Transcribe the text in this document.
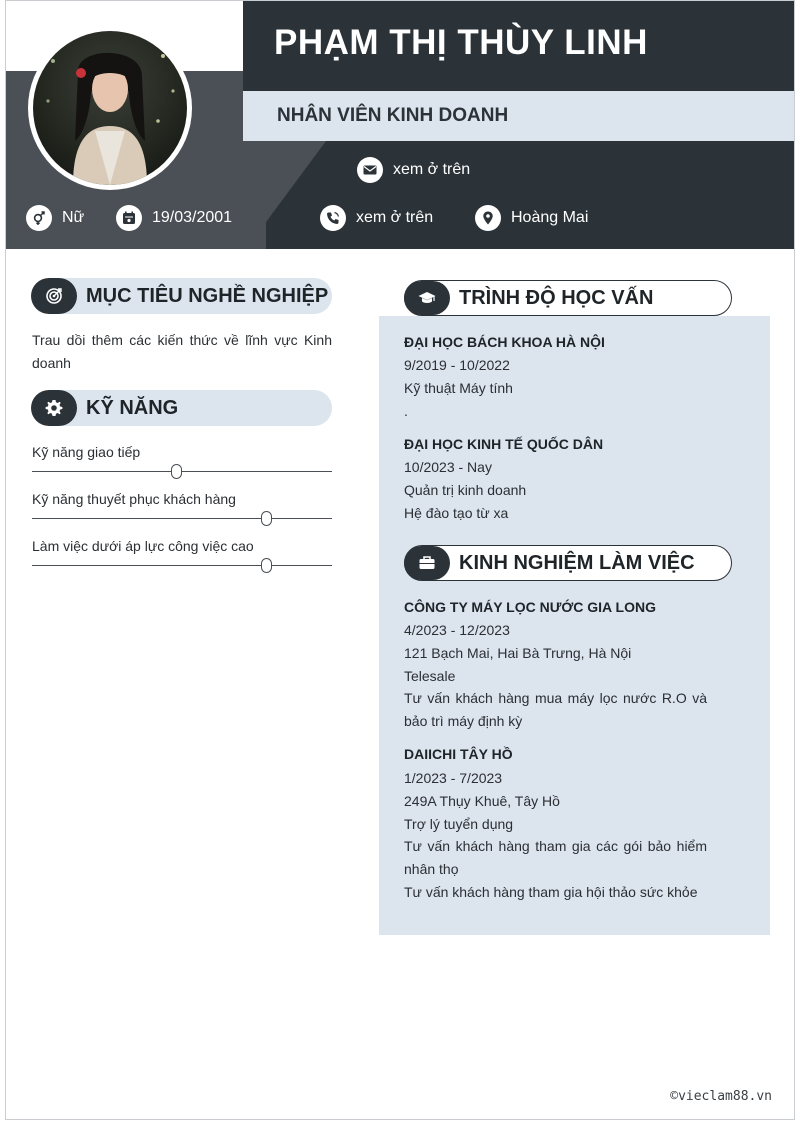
PHẠM THỊ THÙY LINH
NHÂN VIÊN KINH DOANH
xem ở trên
Nữ	19/03/2001	xem ở trên	Hoàng Mai
MỤC TIÊU NGHỀ NGHIỆP
Trau dồi thêm các kiến thức về lĩnh vực Kinh doanh
KỸ NĂNG
Kỹ năng giao tiếp
Kỹ năng thuyết phục khách hàng
Làm việc dưới áp lực công việc cao
TRÌNH ĐỘ HỌC VẤN
ĐẠI HỌC BÁCH KHOA HÀ NỘI
9/2019 - 10/2022
Kỹ thuật Máy tính
.
ĐẠI HỌC KINH TẾ QUỐC DÂN
10/2023 - Nay
Quản trị kinh doanh
Hệ đào tạo từ xa
KINH NGHIỆM LÀM VIỆC
CÔNG TY MÁY LỌC NƯỚC GIA LONG
4/2023 - 12/2023
121 Bạch Mai, Hai Bà Trưng, Hà Nội
Telesale
Tư vấn khách hàng mua máy lọc nước R.O và bảo trì máy định kỳ
DAIICHI TÂY HỒ
1/2023 - 7/2023
249A Thụy Khuê, Tây Hồ
Trợ lý tuyển dụng
Tư vấn khách hàng tham gia các gói bảo hiểm nhân thọ
Tư vấn khách hàng tham gia hội thảo sức khỏe
©vieclam88.vn
